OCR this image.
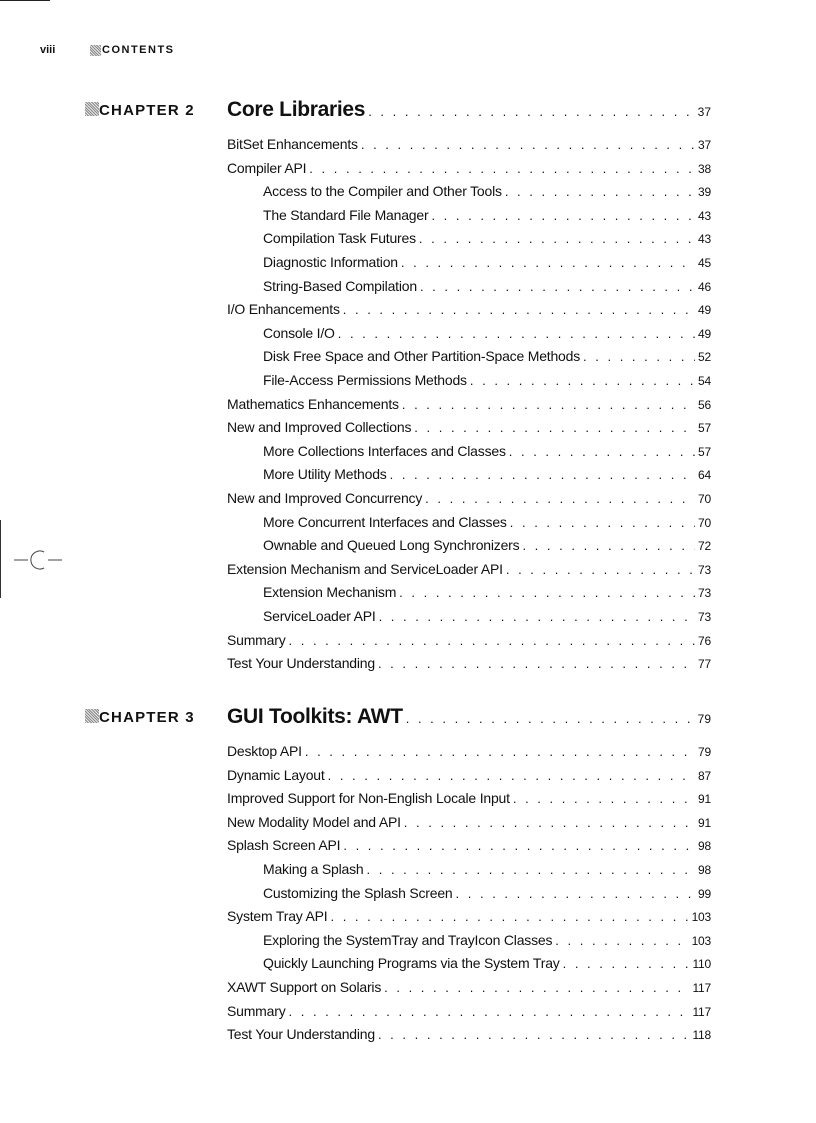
viii	CONTENTS
CHAPTER 2 Core Libraries . . .	37
BitSet Enhancements . . .	37
Compiler API . . .	38
Access to the Compiler and Other Tools . . .	39
The Standard File Manager . . .	43
Compilation Task Futures . . .	43
Diagnostic Information . . .	45
String-Based Compilation . . .	46
I/O Enhancements . . .	49
Console I/O . . .	49
Disk Free Space and Other Partition-Space Methods . . .	52
File-Access Permissions Methods . . .	54
Mathematics Enhancements . . .	56
New and Improved Collections . . .	57
More Collections Interfaces and Classes . . .	57
More Utility Methods . . .	64
New and Improved Concurrency . . .	70
More Concurrent Interfaces and Classes . . .	70
Ownable and Queued Long Synchronizers . . .	72
Extension Mechanism and ServiceLoader API . . .	73
Extension Mechanism . . .	73
ServiceLoader API . . .	73
Summary . . .	76
Test Your Understanding . . .	77
CHAPTER 3 GUI Toolkits: AWT . . .	79
Desktop API . . .	79
Dynamic Layout . . .	87
Improved Support for Non-English Locale Input . . .	91
New Modality Model and API . . .	91
Splash Screen API . . .	98
Making a Splash . . .	98
Customizing the Splash Screen . . .	99
System Tray API . . .	103
Exploring the SystemTray and TrayIcon Classes . . .	103
Quickly Launching Programs via the System Tray . . .	110
XAWT Support on Solaris . . .	117
Summary . . .	117
Test Your Understanding . . .	118
